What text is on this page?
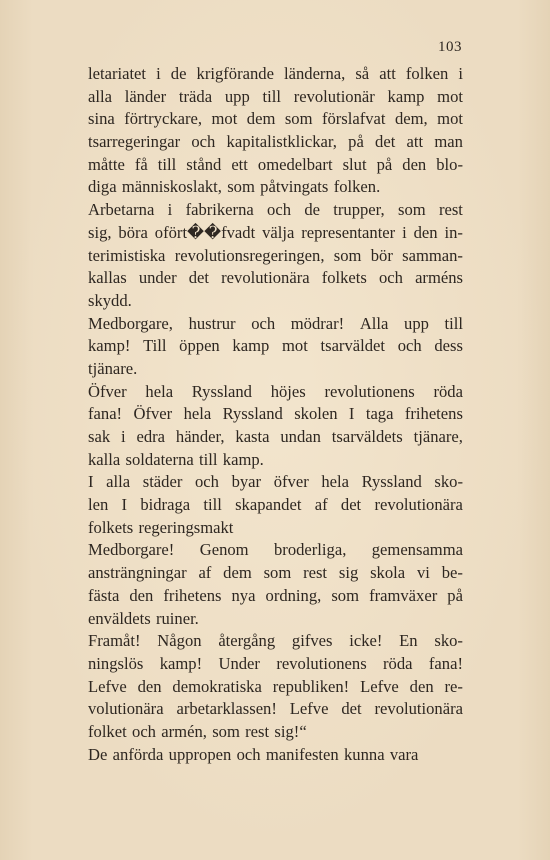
103
letariatet i de krigförande länderna, så att folken i
alla länder träda upp till revolutionär kamp mot
sina förtryckare, mot dem som förslafvat dem, mot
tsarregeringar och kapitalistklickar, på det att man
måtte få till stånd ett omedelbart slut på den blo-
diga människoslakt, som påtvingats folken.
Arbetarna i fabrikerna och de trupper, som rest
sig, böra ofört��fvadt välja representanter i den in-
terimistiska revolutionsregeringen, som bör samman-
kallas under det revolutionära folkets och arméns
skydd.
Medborgare, hustrur och mödrar! Alla upp till
kamp! Till öppen kamp mot tsarväldet och dess
tjänare.
Öfver hela Ryssland höjes revolutionens röda
fana! Öfver hela Ryssland skolen I taga frihetens
sak i edra händer, kasta undan tsarväldets tjänare,
kalla soldaterna till kamp.
I alla städer och byar öfver hela Ryssland sko-
len I bidraga till skapandet af det revolutionära
folkets regeringsmakt
Medborgare! Genom broderliga, gemensamma
ansträngningar af dem som rest sig skola vi be-
fästa den frihetens nya ordning, som framväxer på
enväldets ruiner.
Framåt! Någon återgång gifves icke! En sko-
ningslös kamp! Under revolutionens röda fana!
Lefve den demokratiska republiken! Lefve den re-
volutionära arbetarklassen! Lefve det revolutionära
folket och armén, som rest sig!“
De anförda uppropen och manifesten kunna vara
